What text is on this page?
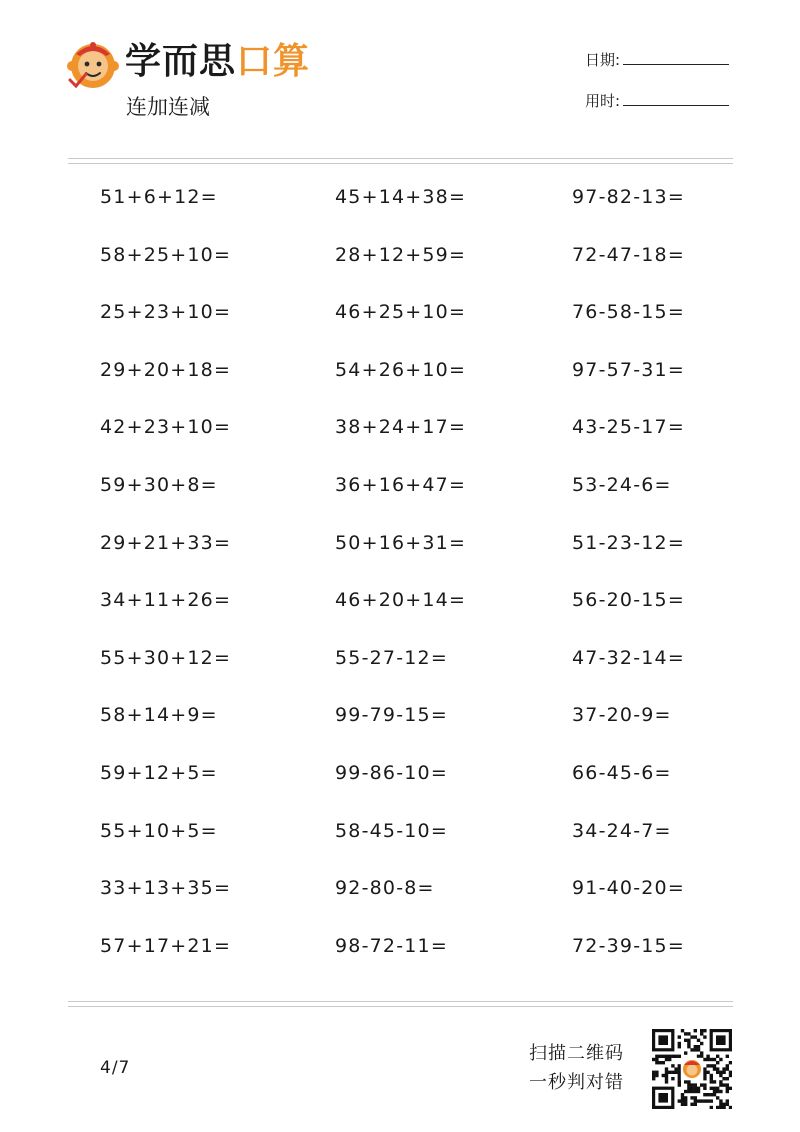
学而思口算
连加连减
日期:
用时:
51+6+12=	45+14+38=	97-82-13=
58+25+10=	28+12+59=	72-47-18=
25+23+10=	46+25+10=	76-58-15=
29+20+18=	54+26+10=	97-57-31=
42+23+10=	38+24+17=	43-25-17=
59+30+8=	36+16+47=	53-24-6=
29+21+33=	50+16+31=	51-23-12=
34+11+26=	46+20+14=	56-20-15=
55+30+12=	55-27-12=	47-32-14=
58+14+9=	99-79-15=	37-20-9=
59+12+5=	99-86-10=	66-45-6=
55+10+5=	58-45-10=	34-24-7=
33+13+35=	92-80-8=	91-40-20=
57+17+21=	98-72-11=	72-39-15=
4/7
扫描二维码
一秒判对错
